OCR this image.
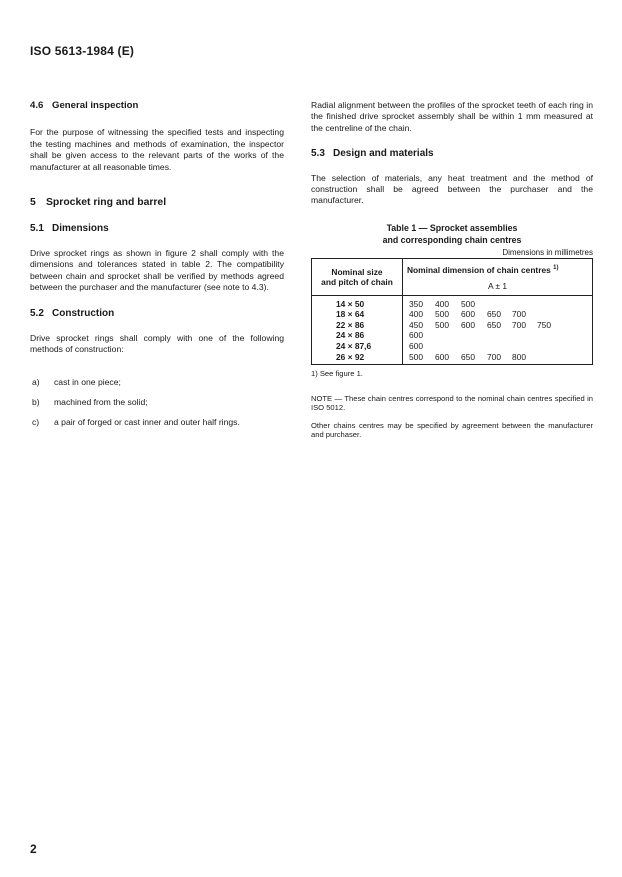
ISO 5613-1984 (E)
4.6 General inspection

For the purpose of witnessing the specified tests and inspecting the testing machines and methods of examination, the inspector shall be given access to the relevant parts of the works of the manufacturer at all reasonable times.

5 Sprocket ring and barrel
5.1 Dimensions

Drive sprocket rings as shown in figure 2 shall comply with the dimensions and tolerances stated in table 2. The compatibility between chain and sprocket shall be verified by methods agreed between the purchaser and the manufacturer (see note to 4.3).

5.2 Construction

Drive sprocket rings shall comply with one of the following methods of construction:

a)	cast in one piece;
b)	machined from the solid;
c)	a pair of forged or cast inner and outer half rings.

Radial alignment between the profiles of the sprocket teeth of each ring in the finished drive sprocket assembly shall be within 1 mm measured at the centreline of the chain.

5.3 Design and materials

The selection of materials, any heat treatment and the method of construction shall be agreed between the purchaser and the manufacturer.

Table 1 — Sprocket assemblies
and corresponding chain centres
Dimensions in millimetres
Nominal size
and pitch of chain	Nominal dimension of chain centres $^{1)}$
	A ± 1
14 × 50	350 400 500
18 × 64	400 500 600 650 700
22 × 86	450 500 600 650 700 750
24 × 86	600
24 × 87,6	600
26 × 92	500 600 650 700 800
1) See figure 1.

NOTE — These chain centres correspond to the nominal chain centres specified in ISO 5012.

Other chains centres may be specified by agreement between the manufacturer and purchaser.

2
